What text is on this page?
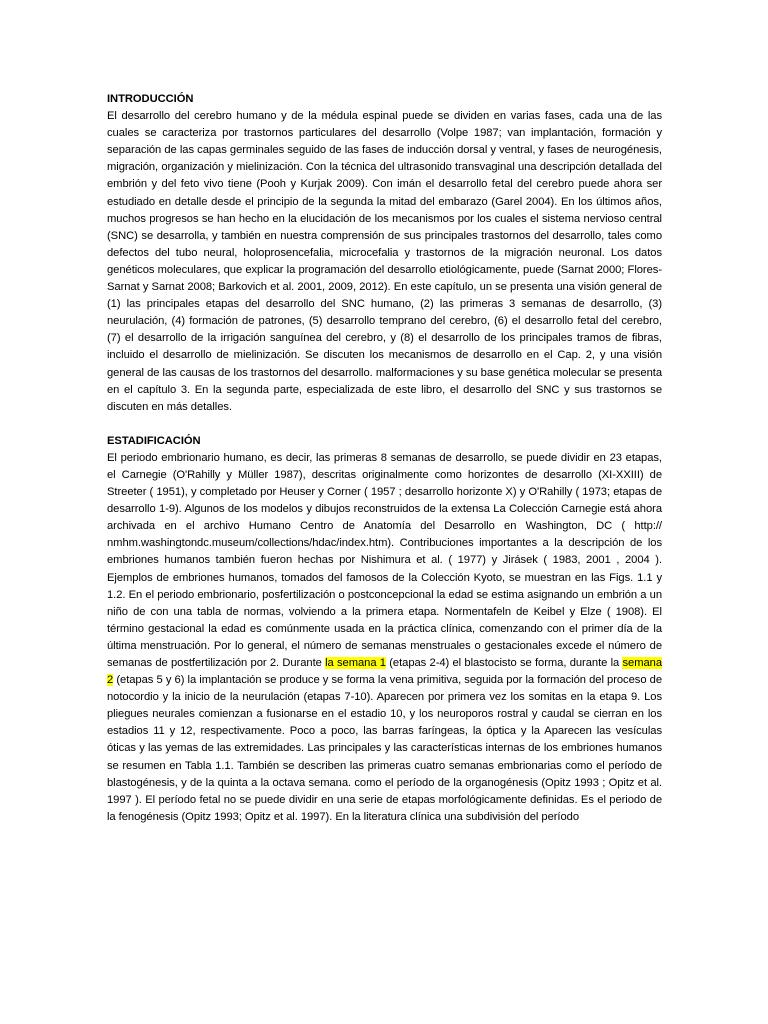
INTRODUCCIÓN

El desarrollo del cerebro humano y de la médula espinal puede se dividen en varias fases, cada una de las cuales se caracteriza por trastornos particulares del desarrollo (Volpe 1987; van implantación, formación y separación de las capas germinales seguido de las fases de inducción dorsal y ventral, y fases de neurogénesis, migración, organización y mielinización. Con la técnica del ultrasonido transvaginal una descripción detallada del embrión y del feto vivo tiene (Pooh y Kurjak 2009). Con imán el desarrollo fetal del cerebro puede ahora ser estudiado en detalle desde el principio de la segunda la mitad del embarazo (Garel 2004). En los últimos años, muchos progresos se han hecho en la elucidación de los mecanismos por los cuales el sistema nervioso central (SNC) se desarrolla, y también en nuestra comprensión de sus principales trastornos del desarrollo, tales como defectos del tubo neural, holoprosencefalia, microcefalia y trastornos de la migración neuronal. Los datos genéticos moleculares, que explicar la programación del desarrollo etiológicamente, puede (Sarnat 2000; Flores-Sarnat y Sarnat 2008; Barkovich et al. 2001, 2009, 2012). En este capítulo, un se presenta una visión general de (1) las principales etapas del desarrollo del SNC humano, (2) las primeras 3 semanas de desarrollo, (3) neurulación, (4) formación de patrones, (5) desarrollo temprano del cerebro, (6) el desarrollo fetal del cerebro, (7) el desarrollo de la irrigación sanguínea del cerebro, y (8) el desarrollo de los principales tramos de fibras, incluido el desarrollo de mielinización. Se discuten los mecanismos de desarrollo en el Cap. 2, y una visión general de las causas de los trastornos del desarrollo. malformaciones y su base genética molecular se presenta en el capítulo 3. En la segunda parte, especializada de este libro, el desarrollo del SNC y sus trastornos se discuten en más detalles.

ESTADIFICACIÓN

El periodo embrionario humano, es decir, las primeras 8 semanas de desarrollo, se puede dividir en 23 etapas, el Carnegie (O'Rahilly y Müller 1987), descritas originalmente como horizontes de desarrollo (XI-XXIII) de Streeter ( 1951), y completado por Heuser y Corner ( 1957 ; desarrollo horizonte X) y O'Rahilly ( 1973; etapas de desarrollo 1-9). Algunos de los modelos y dibujos reconstruidos de la extensa La Colección Carnegie está ahora archivada en el archivo Humano Centro de Anatomía del Desarrollo en Washington, DC ( http:// nmhm.washingtondc.museum/collections/hdac/index.htm). Contribuciones importantes a la descripción de los embriones humanos también fueron hechas por Nishimura et al. ( 1977) y Jirásek ( 1983, 2001 , 2004 ). Ejemplos de embriones humanos, tomados del famosos de la Colección Kyoto, se muestran en las Figs. 1.1 y 1.2. En el periodo embrionario, posfertilización o postconcepcional la edad se estima asignando un embrión a un niño de con una tabla de normas, volviendo a la primera etapa. Normentafeln de Keibel y Elze ( 1908). El término gestacional la edad es comúnmente usada en la práctica clínica, comenzando con el primer día de la última menstruación. Por lo general, el número de semanas menstruales o gestacionales excede el número de semanas de postfertilización por 2. Durante la semana 1 (etapas 2-4) el blastocisto se forma, durante la semana 2 (etapas 5 y 6) la implantación se produce y se forma la vena primitiva, seguida por la formación del proceso de notocordio y la inicio de la neurulación (etapas 7-10). Aparecen por primera vez los somitas en la etapa 9. Los pliegues neurales comienzan a fusionarse en el estadio 10, y los neuroporos rostral y caudal se cierran en los estadios 11 y 12, respectivamente. Poco a poco, las barras faríngeas, la óptica y la Aparecen las vesículas óticas y las yemas de las extremidades. Las principales y las características internas de los embriones humanos se resumen en Tabla 1.1. También se describen las primeras cuatro semanas embrionarias como el período de blastogénesis, y de la quinta a la octava semana. como el período de la organogénesis (Opitz 1993 ; Opitz et al. 1997 ). El período fetal no se puede dividir en una serie de etapas morfológicamente definidas. Es el periodo de la fenogénesis (Opitz 1993; Opitz et al. 1997). En la literatura clínica una subdivisión del período
